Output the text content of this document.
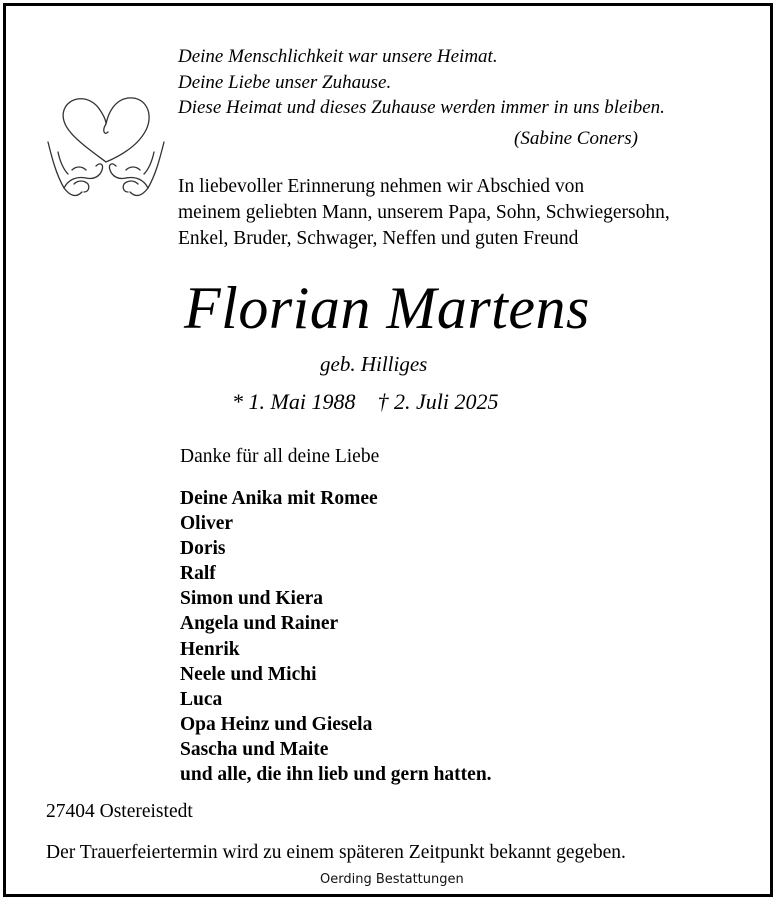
Deine Menschlichkeit war unsere Heimat.
Deine Liebe unser Zuhause.
Diese Heimat und dieses Zuhause werden immer in uns bleiben.
(Sabine Coners)
In liebevoller Erinnerung nehmen wir Abschied von
meinem geliebten Mann, unserem Papa, Sohn, Schwiegersohn,
Enkel, Bruder, Schwager, Neffen und guten Freund
Florian Martens
geb. Hilliges
* 1. Mai 1988 † 2. Juli 2025
Danke für all deine Liebe
Deine Anika mit Romee
Oliver
Doris
Ralf
Simon und Kiera
Angela und Rainer
Henrik
Neele und Michi
Luca
Opa Heinz und Giesela
Sascha und Maite
und alle, die ihn lieb und gern hatten.
27404 Ostereistedt
Der Trauerfeiertermin wird zu einem späteren Zeitpunkt bekannt gegeben.
Oerding Bestattungen
